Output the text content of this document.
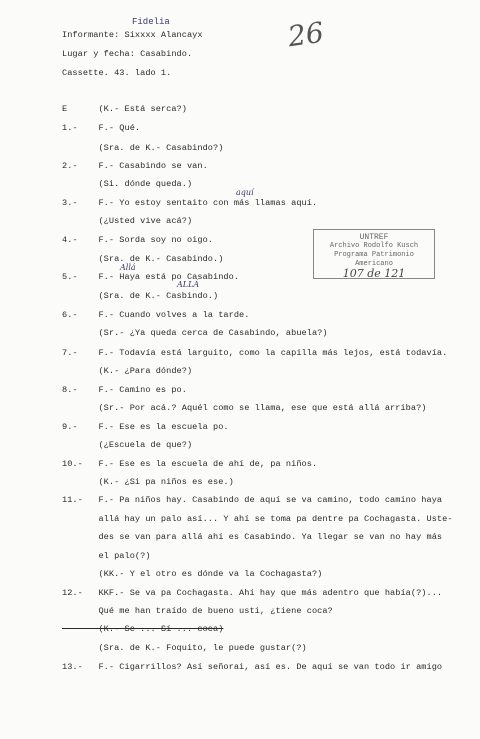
Fidelia	26
Informante: Sixxxx Alancayx
Lugar y fecha: Casabindo.
Cassette. 43. lado 1.
E      (K.- Está serca?)
1.-    F.- Qué.
(Sra. de K.- Casabindo?)
2.-    F.- Casabindo se van.
(Si. dónde queda.)
3.-    F.- Yo estoy sentaito con más llamas aquí.
(¿Usted vive acá?)
4.-    F.- Sorda soy no oigo.
(Sra. de K.- Casabindo.)
5.-    F.- Haya está po Casabindo.
(Sra. de K.- Casbindo.)
6.-    F.- Cuando volves a la tarde.
(Sr.- ¿Ya queda cerca de Casabindo, abuela?)
7.-    F.- Todavía está larguito, como la capilla más lejos, está todavía.
(K.- ¿Para dónde?)
8.-    F.- Camino es po.
(Sr.- Por acá.? Aquél como se llama, ese que está allá arriba?)
9.-    F.- Ese es la escuela po.
(¿Escuela de que?)
10.-   F.- Ese es la escuela de ahí de, pa niños.
(K.- ¿Si pa niños es ese.)
11.-   F.- Pa niños hay. Casabindo de aquí se va camino, todo camino haya
allá hay un palo así... Y ahí se toma pa dentre pa Cochagasta. Uste-
des se van para allá ahí es Casabindo. Ya llegar se van no hay más
el palo(?)
(KK.- Y el otro es dónde va la Cochagasta?)
12.-   KKF.- Se va pa Cochagasta. Ahí hay que más adentro que había(?)...
Qué me han traído de bueno usti, ¿tiene coca?
(K.- Se ... Sí ... coca)
(Sra. de K.- Foquito, le puede gustar(?)
13.-   F.- Cigarrillos? Así señorai, así es. De aquí se van todo ir amigo
aquí
Allá
ALLÁ
UNTREF
Archivo Rodolfo Kusch
Programa Patrimonio Americano
107 de 121
